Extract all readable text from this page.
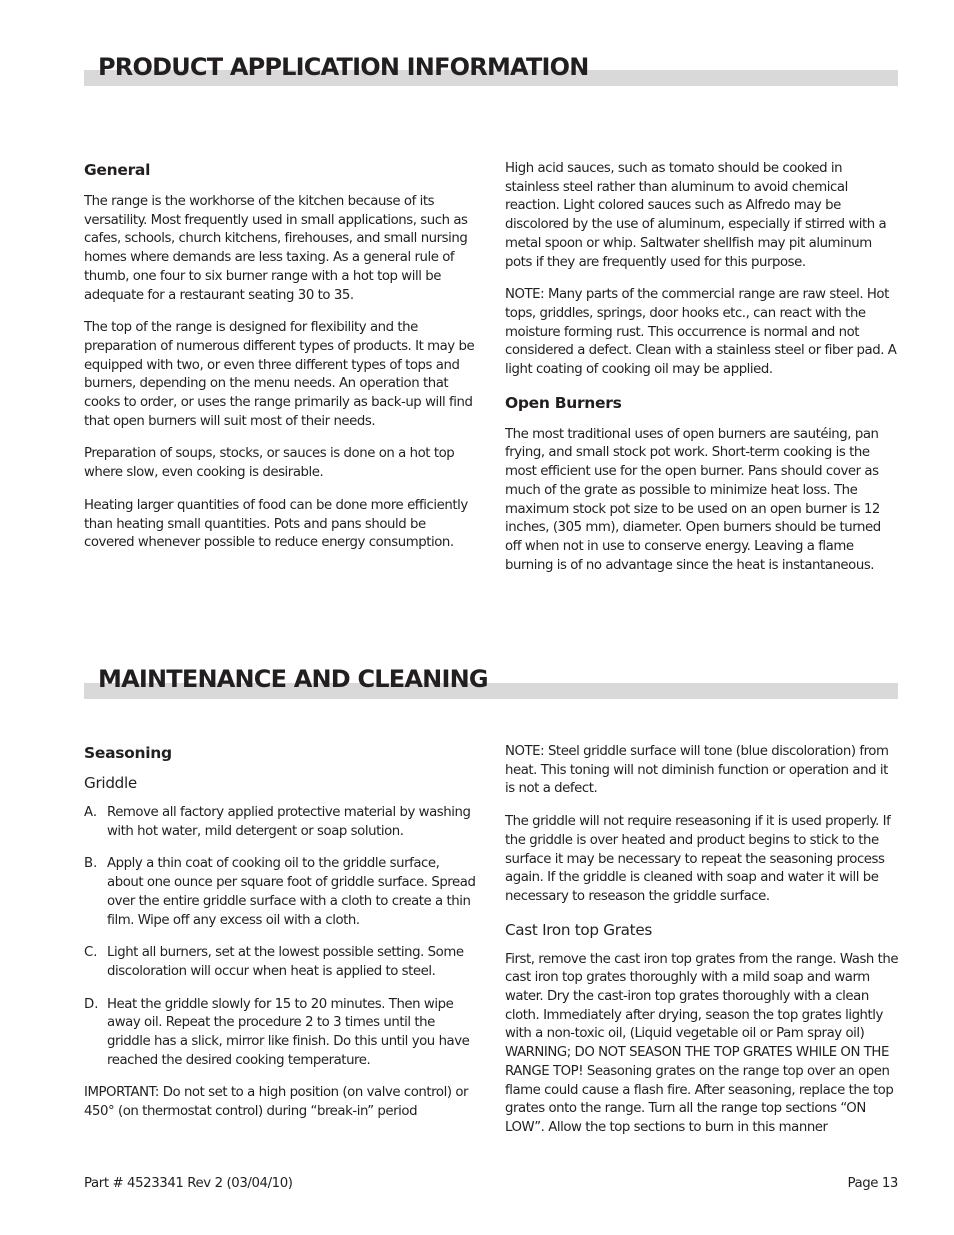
PRODUCT APPLICATION INFORMATION
General

The range is the workhorse of the kitchen because of its versatility. Most frequently used in small applications, such as cafes, schools, church kitchens, firehouses, and small nursing homes where demands are less taxing. As a general rule of thumb, one four to six burner range with a hot top will be adequate for a restaurant seating 30 to 35.

The top of the range is designed for flexibility and the preparation of numerous different types of products. It may be equipped with two, or even three different types of tops and burners, depending on the menu needs. An operation that cooks to order, or uses the range primarily as back-up will find that open burners will suit most of their needs.

Preparation of soups, stocks, or sauces is done on a hot top where slow, even cooking is desirable.

Heating larger quantities of food can be done more efficiently than heating small quantities. Pots and pans should be covered whenever possible to reduce energy consumption.

High acid sauces, such as tomato should be cooked in stainless steel rather than aluminum to avoid chemical reaction. Light colored sauces such as Alfredo may be discolored by the use of aluminum, especially if stirred with a metal spoon or whip. Saltwater shellfish may pit aluminum pots if they are frequently used for this purpose.

NOTE: Many parts of the commercial range are raw steel. Hot tops, griddles, springs, door hooks etc., can react with the moisture forming rust. This occurrence is normal and not considered a defect. Clean with a stainless steel or fiber pad. A light coating of cooking oil may be applied.

Open Burners

The most traditional uses of open burners are sautéing, pan frying, and small stock pot work. Short-term cooking is the most efficient use for the open burner. Pans should cover as much of the grate as possible to minimize heat loss. The maximum stock pot size to be used on an open burner is 12 inches, (305 mm), diameter. Open burners should be turned off when not in use to conserve energy. Leaving a flame burning is of no advantage since the heat is instantaneous.

MAINTENANCE AND CLEANING
Seasoning
Griddle
A. Remove all factory applied protective material by washing with hot water, mild detergent or soap solution.
B. Apply a thin coat of cooking oil to the griddle surface, about one ounce per square foot of griddle surface. Spread over the entire griddle surface with a cloth to create a thin film. Wipe off any excess oil with a cloth.
C. Light all burners, set at the lowest possible setting. Some discoloration will occur when heat is applied to steel.
D. Heat the griddle slowly for 15 to 20 minutes. Then wipe away oil. Repeat the procedure 2 to 3 times until the griddle has a slick, mirror like finish. Do this until you have reached the desired cooking temperature.

IMPORTANT: Do not set to a high position (on valve control) or 450° (on thermostat control) during “break-in” period

NOTE: Steel griddle surface will tone (blue discoloration) from heat. This toning will not diminish function or operation and it is not a defect.

The griddle will not require reseasoning if it is used properly. If the griddle is over heated and product begins to stick to the surface it may be necessary to repeat the seasoning process again. If the griddle is cleaned with soap and water it will be necessary to reseason the griddle surface.

Cast Iron top Grates

First, remove the cast iron top grates from the range. Wash the cast iron top grates thoroughly with a mild soap and warm water. Dry the cast-iron top grates thoroughly with a clean cloth. Immediately after drying, season the top grates lightly with a non-toxic oil, (Liquid vegetable oil or Pam spray oil) WARNING; DO NOT SEASON THE TOP GRATES WHILE ON THE RANGE TOP! Seasoning grates on the range top over an open flame could cause a flash fire. After seasoning, replace the top grates onto the range. Turn all the range top sections “ON LOW”. Allow the top sections to burn in this manner

Part # 4523341 Rev 2 (03/04/10)	Page 13
